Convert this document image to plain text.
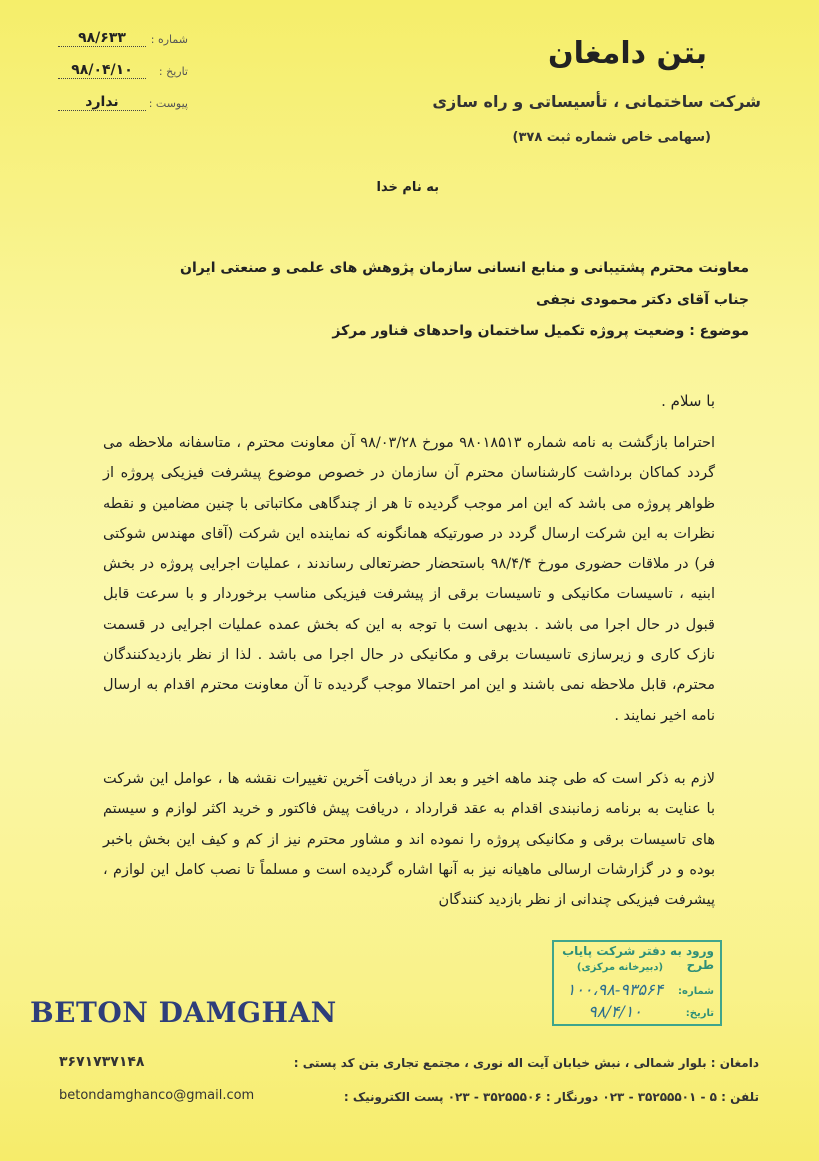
بتن دامغان
شرکت ساختمانی ، تأسیساتی و راه سازی
(سهامی خاص شماره ثبت ۳۷۸)
شماره :
۹۸/۶۳۳
تاریخ :
۹۸/۰۴/۱۰
پیوست :
ندارد
به نام خدا
معاونت محترم پشتیبانی و منابع انسانی سازمان پژوهش های علمی و صنعتی ایران
جناب آقای دکتر محمودی نجفی
موضوع : وضعیت پروژه تکمیل ساختمان واحدهای فناور مرکز
با سلام .
احتراما بازگشت به نامه شماره ۹۸۰۱۸۵۱۳ مورخ ۹۸/۰۳/۲۸ آن معاونت محترم ، متاسفانه ملاحظه می گردد کماکان برداشت کارشناسان محترم آن سازمان در خصوص موضوع پیشرفت فیزیکی پروژه از ظواهر پروژه می باشد که این امر موجب گردیده تا هر از چندگاهی مکاتباتی با چنین مضامین و نقطه نظرات به این شرکت ارسال گردد در صورتیکه همانگونه که نماینده این شرکت (آقای مهندس شوکتی فر) در ملاقات حضوری مورخ ۹۸/۴/۴ باستحضار حضرتعالی رساندند ، عملیات اجرایی پروژه در بخش ابنیه ، تاسیسات مکانیکی و تاسیسات برقی از پیشرفت فیزیکی مناسب برخوردار و با سرعت قابل قبول در حال اجرا می باشد . بدیهی است با توجه به این که بخش عمده عملیات اجرایی در قسمت نازک کاری و زیرسازی تاسیسات برقی و مکانیکی در حال اجرا می باشد . لذا از نظر بازدیدکنندگان محترم، قابل ملاحظه نمی باشند و این امر احتمالا موجب گردیده تا آن معاونت محترم اقدام به ارسال نامه اخیر نمایند .
لازم به ذکر است که طی چند ماهه اخیر و بعد از دریافت آخرین تغییرات نقشه ها ، عوامل این شرکت با عنایت به برنامه زمانبندی اقدام به عقد قرارداد ، دریافت پیش فاکتور و خرید اکثر لوازم و سیستم های تاسیسات برقی و مکانیکی پروژه را نموده اند و مشاور محترم نیز از کم و کیف این بخش باخبر بوده و در گزارشات ارسالی ماهیانه نیز به آنها اشاره گردیده است و مسلماً تا نصب کامل این لوازم ، پیشرفت فیزیکی چندانی از نظر بازدید کنندگان
ورود به دفتر شرکت پایاب طرح
(دبیرخانه مرکزی)
شماره:
۱۰۰،۹۸-۹۳۵۶۴
تاریخ:
۹۸/۴/۱۰
BETON DAMGHAN
دامغان : بلوار شمالی ، نبش خیابان آیت اله نوری ، مجتمع تجاری بتن کد پستی :
۳۶۷۱۷۳۷۱۴۸
تلفن : ۵ - ۳۵۲۵۵۵۰۱ - ۰۲۳ دورنگار : ۳۵۲۵۵۵۰۶ - ۰۲۳ پست الکترونیک :
betondamghanco@gmail.com
